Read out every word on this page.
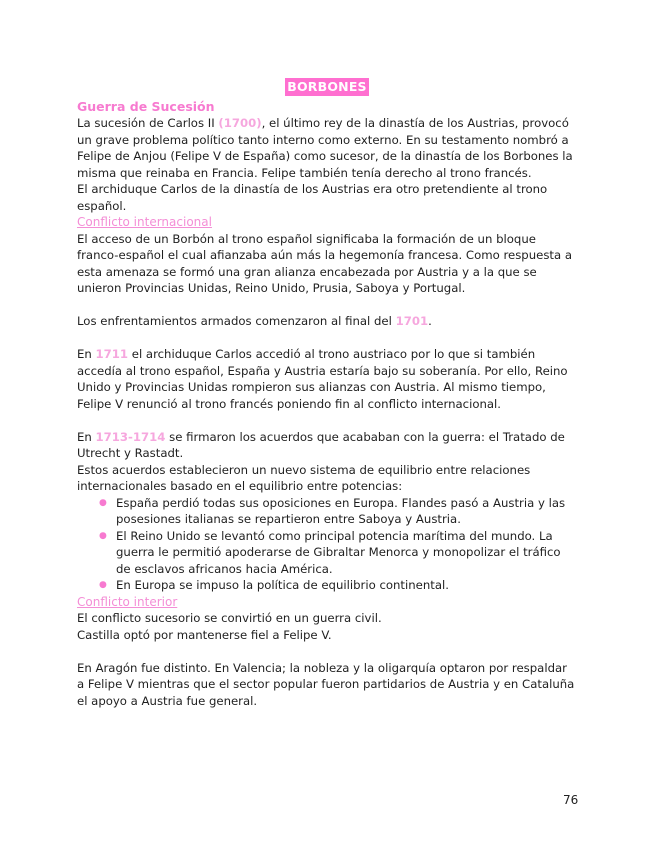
BORBONES
Guerra de Sucesión

La sucesión de Carlos II (1700), el último rey de la dinastía de los Austrias, provocó un grave problema político tanto interno como externo. En su testamento nombró a Felipe de Anjou (Felipe V de España) como sucesor, de la dinastía de los Borbones la misma que reinaba en Francia. Felipe también tenía derecho al trono francés.

El archiduque Carlos de la dinastía de los Austrias era otro pretendiente al trono español.

Conflicto internacional

El acceso de un Borbón al trono español significaba la formación de un bloque franco-español el cual afianzaba aún más la hegemonía francesa. Como respuesta a esta amenaza se formó una gran alianza encabezada por Austria y a la que se unieron Provincias Unidas, Reino Unido, Prusia, Saboya y Portugal.

Los enfrentamientos armados comenzaron al final del 1701.

En 1711 el archiduque Carlos accedió al trono austriaco por lo que si también accedía al trono español, España y Austria estaría bajo su soberanía. Por ello, Reino Unido y Provincias Unidas rompieron sus alianzas con Austria. Al mismo tiempo, Felipe V renunció al trono francés poniendo fin al conflicto internacional.

En 1713-1714 se firmaron los acuerdos que acababan con la guerra: el Tratado de Utrecht y Rastadt.

Estos acuerdos establecieron un nuevo sistema de equilibrio entre relaciones internacionales basado en el equilibrio entre potencias:

● España perdió todas sus oposiciones en Europa. Flandes pasó a Austria y las posesiones italianas se repartieron entre Saboya y Austria.
● El Reino Unido se levantó como principal potencia marítima del mundo. La guerra le permitió apoderarse de Gibraltar Menorca y monopolizar el tráfico de esclavos africanos hacia América.
● En Europa se impuso la política de equilibrio continental.
Conflicto interior

El conflicto sucesorio se convirtió en un guerra civil.

Castilla optó por mantenerse fiel a Felipe V.

En Aragón fue distinto. En Valencia; la nobleza y la oligarquía optaron por respaldar a Felipe V mientras que el sector popular fueron partidarios de Austria y en Cataluña el apoyo a Austria fue general.

76
